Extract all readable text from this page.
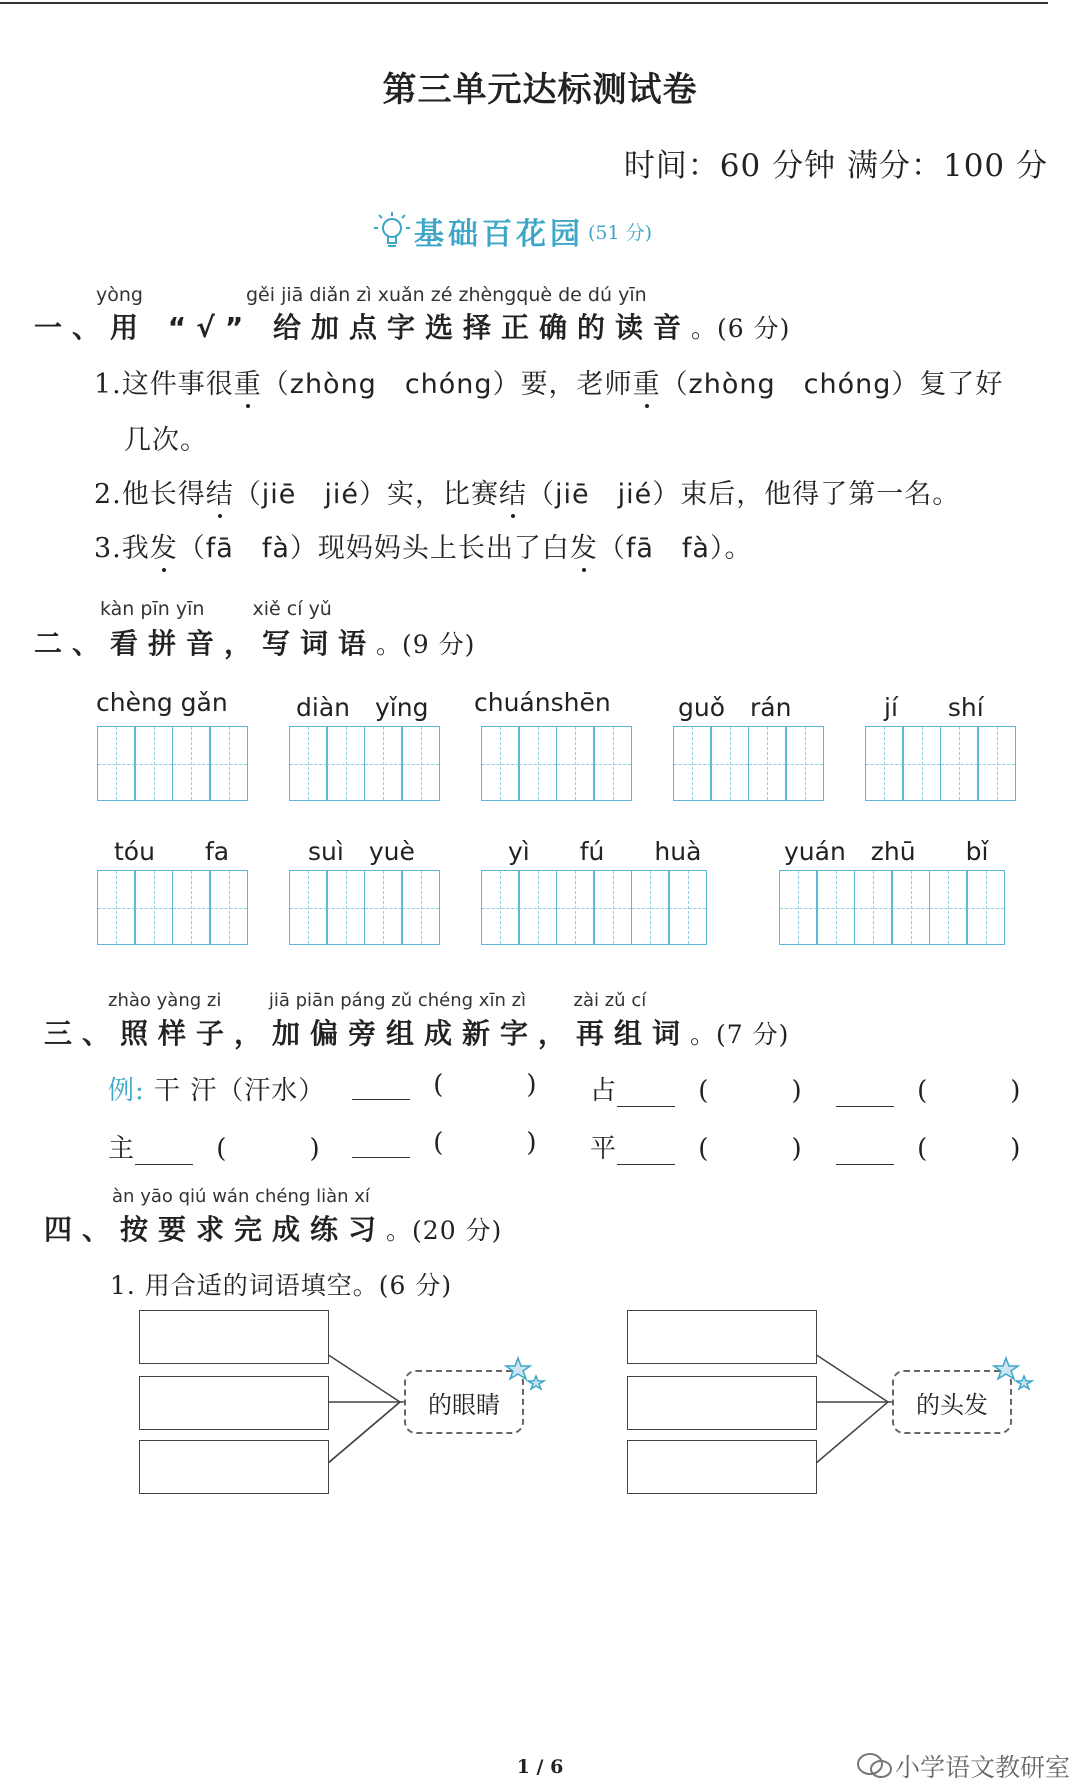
第三单元达标测试卷
时间：60 分钟 满分：100 分
基础百花园 (51 分)
yòng	gěi jiā diǎn zì xuǎn zé zhèngquè de dú yīn
一、用 “√” 给加点字选择正确的读音。(6 分)
1.这件事很重（zhòng　chóng）要，老师重（zhòng　chóng）复了好
几次。
2.他长得结（jiē　jié）实，比赛结（jiē　jié）束后，他得了第一名。
3.我发（fā　fà）现妈妈头上长出了白发（fā　fà）。
kàn pīn yīn	xiě cí yǔ
二、看拼音，写词语。(9 分)
chèng gǎn	diàn　yǐng chuánshēn	guǒ　rán	jí　　shí
tóu　　fa	suì　yuè	yì　　fú　　huà	yuán　zhū　　bǐ
zhào yàng zi	jiā piān páng zǔ chéng xīn zì	zài zǔ cí
三、照样子，加偏旁组成新字，再组词。(7 分)
例: 干 汗（汗水）	(	) 占	(	)	(	)
主	(	)	(	) 平	(	)	(	)
àn yāo qiú wán chéng liàn xí
四、按要求完成练习。(20 分)
1. 用合适的词语填空。(6 分)
的眼睛	的头发
小学语文教研室
1 / 6
